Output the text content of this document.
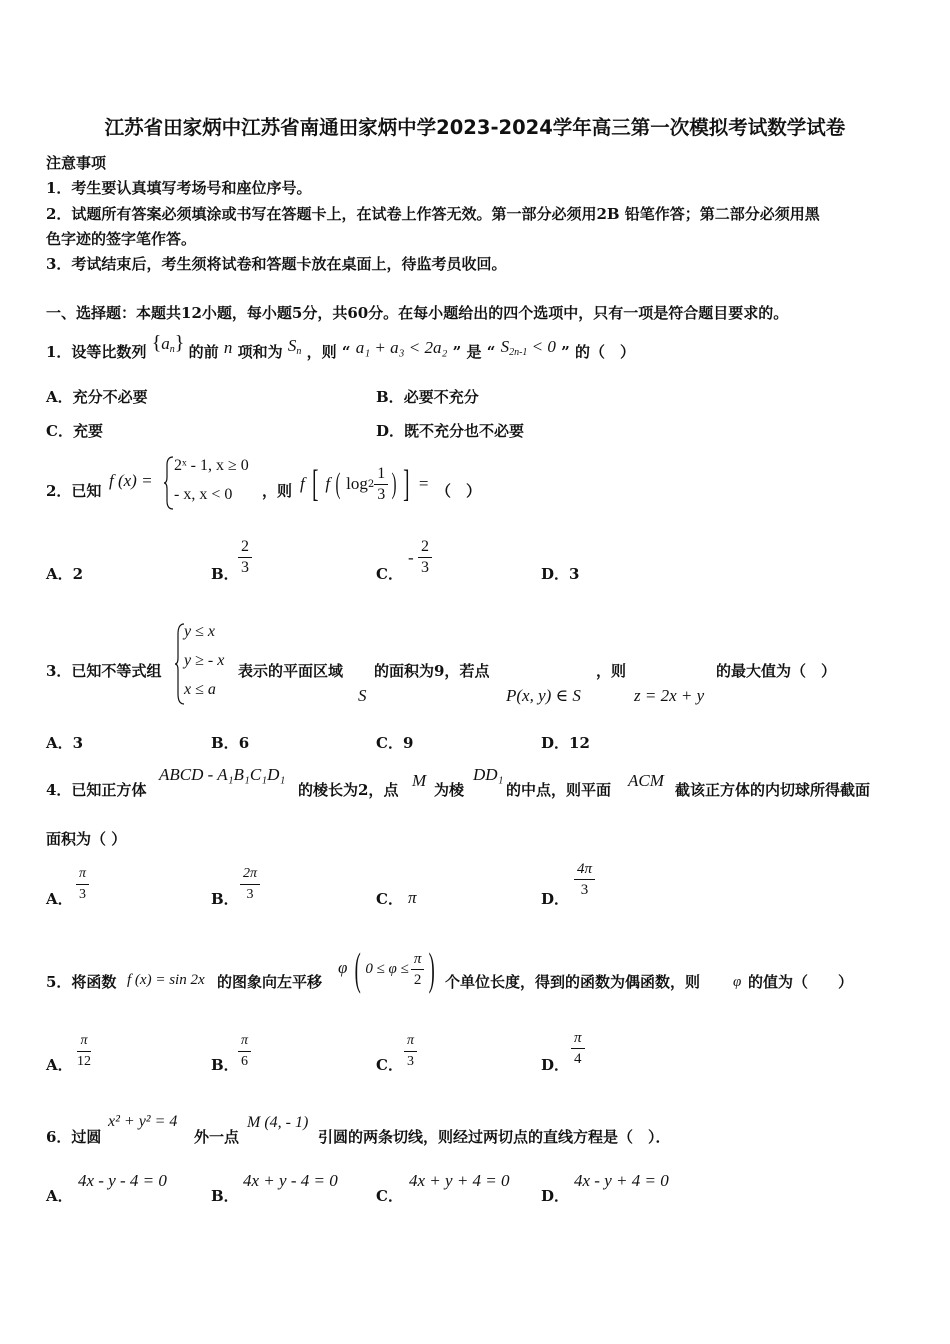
江苏省田家炳中江苏省南通田家炳中学2023-2024学年高三第一次模拟考试数学试卷
注意事项
1．考生要认真填写考场号和座位序号。
2．试题所有答案必须填涂或书写在答题卡上，在试卷上作答无效。第一部分必须用2B 铅笔作答；第二部分必须用黑
色字迹的签字笔作答。
3．考试结束后，考生须将试卷和答题卡放在桌面上，待监考员收回。
一、选择题：本题共12小题，每小题5分，共60分。在每小题给出的四个选项中，只有一项是符合题目要求的。
1．设等比数列 $\{a_n\}$ 的前 n 项和为 $S_n$ ，则 “ a₁ + a₃ < 2a₂ ” 是 “ $S_{2n-1} < 0$ ” 的（　）
A．充分不必要	B．必要不充分
C．充要	D．既不充分也不必要
2．已知
f (x) =
2ˣ - 1, x ≥ 0
- x, x < 0 ，则 f [ f ( $\log 2 \frac{1}{3}$ ) ] = （　）
A．2	B． $\frac{2}{3}$	C．
- $\frac{2}{3}$	D．3
3．已知不等式组
y ≤ x
y ≥ - x
x ≤ a
表示的平面区域
S
的面积为9，若点
P(x, y) ∈ S
，则
z = 2x + y
的最大值为（　）
A．3	B．6	C．9	D．12
4．已知正方体
ABCD - A₁B₁C₁D₁
的棱长为2，点 M 为棱
DD₁
的中点，则平面 ACM 截该正方体的内切球所得截面
面积为（ ）
A． $\frac{\pi}{3}$	B． $\frac{2\pi}{3}$	C． π	D． $\frac{4\pi}{3}$
5．将函数 f (x) = sin 2x 的图象向左平移
φ ( $0 \le \varphi \le \frac{\pi}{2}$ ) 个单位长度，得到的函数为偶函数，则 φ 的值为（　　）
A． $\frac{\pi}{12}$	B． $\frac{\pi}{6}$	C． $\frac{\pi}{3}$	D． $\frac{\pi}{4}$
6．过圆
x² + y² = 4
外一点
M (4, - 1)
引圆的两条切线，则经过两切点的直线方程是（　）．
A．
4x - y - 4 = 0
B．
4x + y - 4 = 0
C．
4x + y + 4 = 0
D．
4x - y + 4 = 0
